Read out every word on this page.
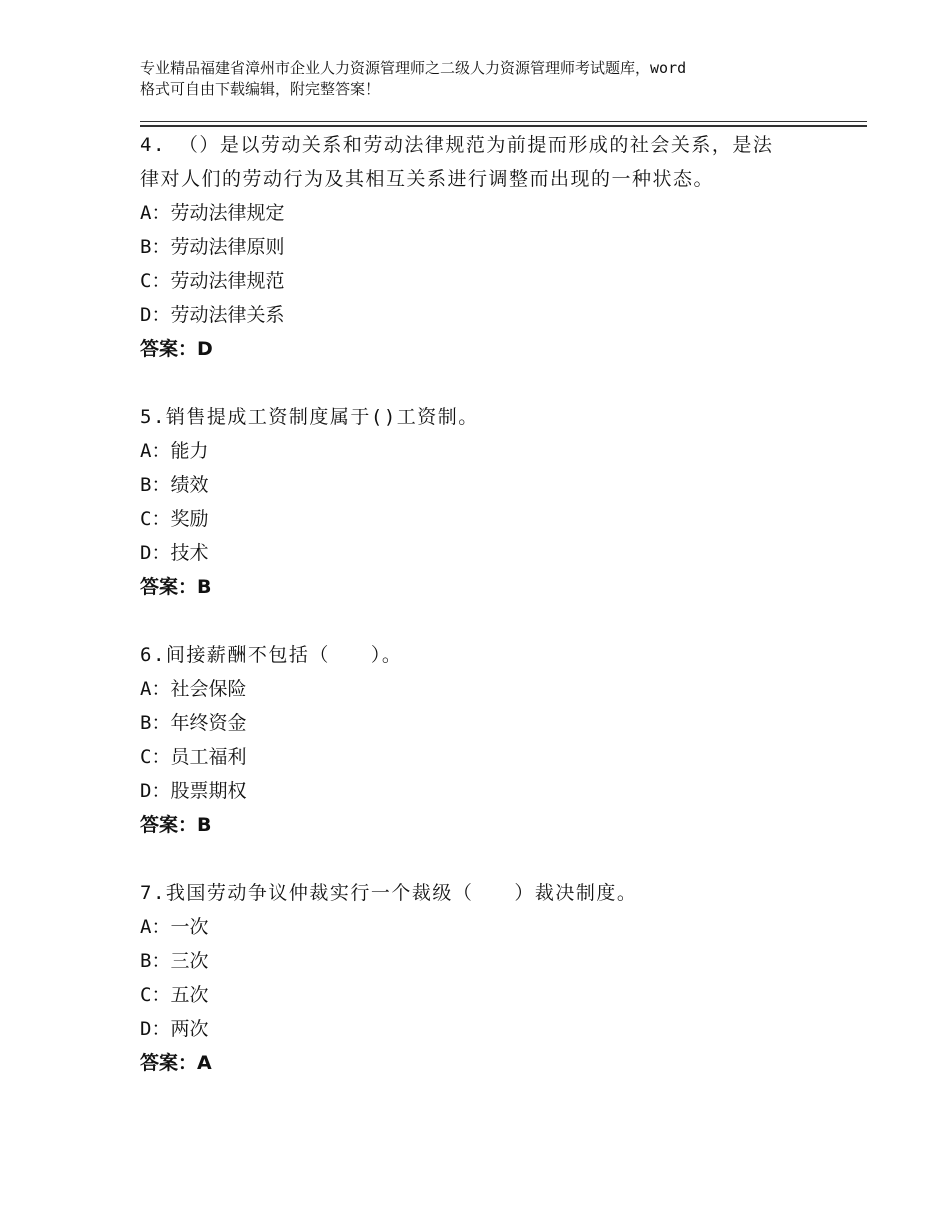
专业精品福建省漳州市企业人力资源管理师之二级人力资源管理师考试题库，word
格式可自由下载编辑，附完整答案！
4. （）是以劳动关系和劳动法律规范为前提而形成的社会关系，是法
律对人们的劳动行为及其相互关系进行调整而出现的一种状态。
A：劳动法律规定
B：劳动法律原则
C：劳动法律规范
D：劳动法律关系
答案：D
5.销售提成工资制度属于()工资制。
A：能力
B：绩效
C：奖励
D：技术
答案：B
6.间接薪酬不包括（　　）。
A：社会保险
B：年终资金
C：员工福利
D：股票期权
答案：B
7.我国劳动争议仲裁实行一个裁级（　　）裁决制度。
A：一次
B：三次
C：五次
D：两次
答案：A
